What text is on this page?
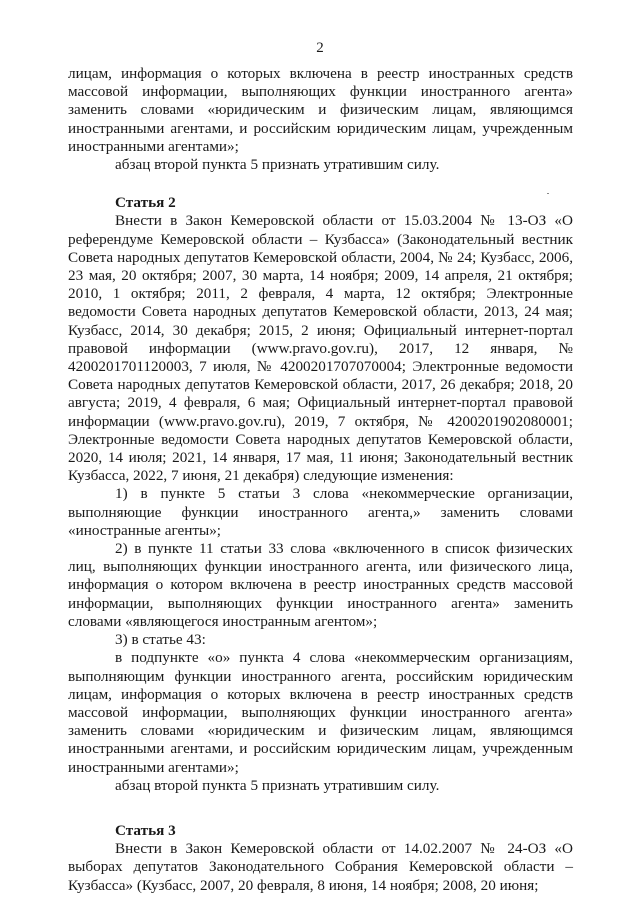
2

лицам, информация о которых включена в реестр иностранных средств массовой информации, выполняющих функции иностранного агента» заменить словами «юридическим и физическим лицам, являющимся иностранными агентами, и российским юридическим лицам, учрежденным иностранными агентами»;

абзац второй пункта 5 признать утратившим силу.

Статья 2

Внести в Закон Кемеровской области от 15.03.2004 № 13-ОЗ «О референдуме Кемеровской области – Кузбасса» (Законодательный вестник Совета народных депутатов Кемеровской области, 2004, № 24; Кузбасс, 2006, 23 мая, 20 октября; 2007, 30 марта, 14 ноября; 2009, 14 апреля, 21 октября; 2010, 1 октября; 2011, 2 февраля, 4 марта, 12 октября; Электронные ведомости Совета народных депутатов Кемеровской области, 2013, 24 мая; Кузбасс, 2014, 30 декабря; 2015, 2 июня; Официальный интернет-портал правовой информации (www.pravo.gov.ru), 2017, 12 января, № 4200201701120003, 7 июля, № 4200201707070004; Электронные ведомости Совета народных депутатов Кемеровской области, 2017, 26 декабря; 2018, 20 августа; 2019, 4 февраля, 6 мая; Официальный интернет-портал правовой информации (www.pravo.gov.ru), 2019, 7 октября, № 4200201902080001; Электронные ведомости Совета народных депутатов Кемеровской области, 2020, 14 июля; 2021, 14 января, 17 мая, 11 июня; Законодательный вестник Кузбасса, 2022, 7 июня, 21 декабря) следующие изменения:

1) в пункте 5 статьи 3 слова «некоммерческие организации, выполняющие функции иностранного агента,» заменить словами «иностранные агенты»;

2) в пункте 11 статьи 33 слова «включенного в список физических лиц, выполняющих функции иностранного агента, или физического лица, информация о котором включена в реестр иностранных средств массовой информации, выполняющих функции иностранного агента» заменить словами «являющегося иностранным агентом»;

3) в статье 43:

в подпункте «о» пункта 4 слова «некоммерческим организациям, выполняющим функции иностранного агента, российским юридическим лицам, информация о которых включена в реестр иностранных средств массовой информации, выполняющих функции иностранного агента» заменить словами «юридическим и физическим лицам, являющимся иностранными агентами, и российским юридическим лицам, учрежденным иностранными агентами»;

абзац второй пункта 5 признать утратившим силу.

Статья 3

Внести в Закон Кемеровской области от 14.02.2007 № 24-ОЗ «О выборах депутатов Законодательного Собрания Кемеровской области – Кузбасса» (Кузбасс, 2007, 20 февраля, 8 июня, 14 ноября; 2008, 20 июня;
